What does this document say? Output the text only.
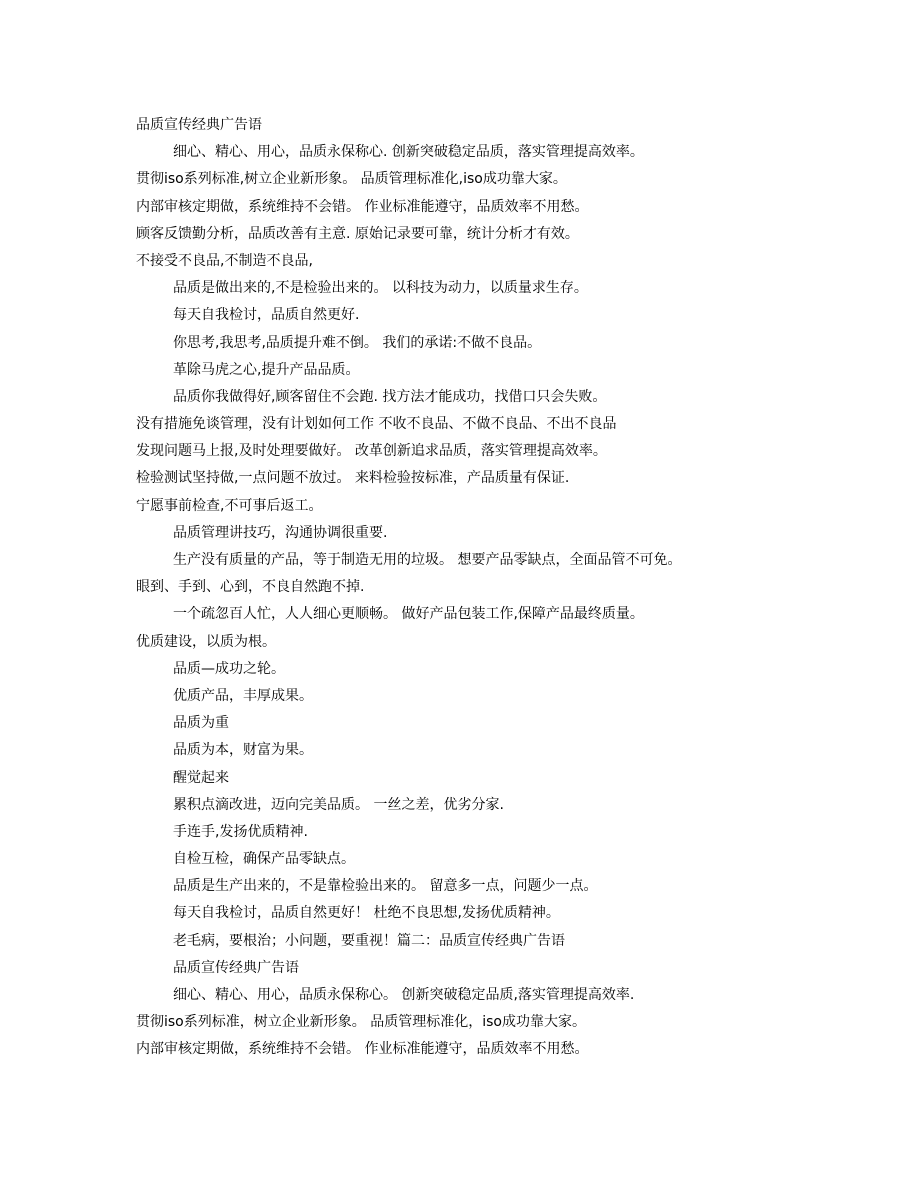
品质宣传经典广告语
细心、精心、用心，品质永保称心. 创新突破稳定品质，落实管理提高效率。
贯彻iso系列标准,树立企业新形象。 品质管理标准化,iso成功靠大家。
内部审核定期做，系统维持不会错。 作业标准能遵守，品质效率不用愁。
顾客反馈勤分析，品质改善有主意. 原始记录要可靠，统计分析才有效。
不接受不良品,不制造不良品,
品质是做出来的,不是检验出来的。 以科技为动力，以质量求生存。
每天自我检讨，品质自然更好.
你思考,我思考,品质提升难不倒。 我们的承诺:不做不良品。
革除马虎之心,提升产品品质。
品质你我做得好,顾客留住不会跑. 找方法才能成功，找借口只会失败。
没有措施免谈管理，没有计划如何工作 不收不良品、不做不良品、不出不良品
发现问题马上报,及时处理要做好。 改革创新追求品质，落实管理提高效率。
检验测试坚持做,一点问题不放过。 来料检验按标准，产品质量有保证.
宁愿事前检查,不可事后返工。
品质管理讲技巧，沟通协调很重要.
生产没有质量的产品，等于制造无用的垃圾。 想要产品零缺点，全面品管不可免。
眼到、手到、心到，不良自然跑不掉.
一个疏忽百人忙，人人细心更顺畅。 做好产品包装工作,保障产品最终质量。
优质建设，以质为根。
品质—成功之轮。
优质产品，丰厚成果。
品质为重
品质为本，财富为果。
醒觉起来
累积点滴改进，迈向完美品质。 一丝之差，优劣分家.
手连手,发扬优质精神.
自检互检，确保产品零缺点。
品质是生产出来的，不是靠检验出来的。 留意多一点，问题少一点。
每天自我检讨，品质自然更好！ 杜绝不良思想,发扬优质精神。
老毛病，要根治；小问题，要重视！篇二：品质宣传经典广告语
品质宣传经典广告语
细心、精心、用心，品质永保称心。 创新突破稳定品质,落实管理提高效率.
贯彻iso系列标准，树立企业新形象。 品质管理标准化，iso成功靠大家。
内部审核定期做，系统维持不会错。 作业标准能遵守，品质效率不用愁。
